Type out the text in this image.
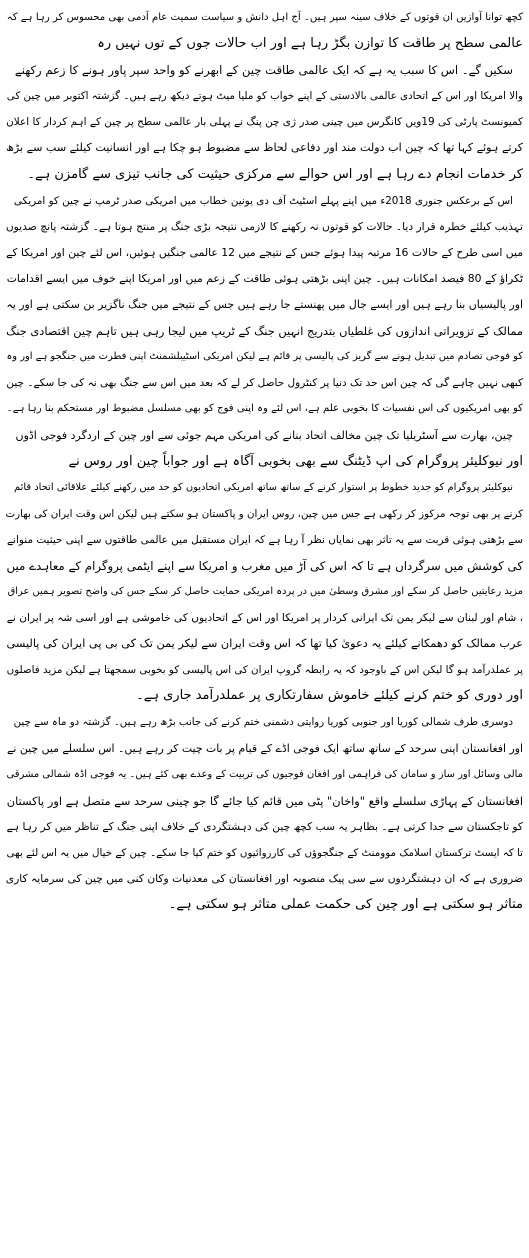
کچھ توانا آوازیں ان قوتوں کے خلاف سینہ سپر ہیں۔ آج اہل دانش و سیاست سمیت عام آدمی بھی محسوس کر رہا ہے کہ
عالمی سطح پر طاقت کا توازن بگڑ رہا ہے اور اب حالات جوں کے توں نہیں رہ
سکیں گے۔ اس کا سبب یہ ہے کہ ایک عالمی طاقت چین کے ابھرنے کو واحد سپر پاور ہونے کا زعم رکھنے
والا امریکا اور اس کے اتحادی عالمی بالادستی کے اپنے خواب کو ملیا میٹ ہوتے دیکھ رہے ہیں۔ گزشتہ اکتوبر میں چین کی
کمیونسٹ پارٹی کی 19ویں کانگرس میں چینی صدر ژی چن پنگ نے پہلی بار عالمی سطح پر چین کے اہم کردار کا اعلان
کرتے ہوئے کہا تھا کہ چین اب دولت مند اور دفاعی لحاظ سے مضبوط ہو چکا ہے اور انسانیت کیلئے سب سے بڑھ
کر خدمات انجام دے رہا ہے اور اس حوالے سے مرکزی حیثیت کی جانب تیزی سے گامزن ہے۔
اس کے برعکس جنوری 2018ء میں اپنے پہلے اسٹیٹ آف دی یونین خطاب میں امریکی صدر ٹرمپ نے چین کو امریکی
تہذیب کیلئے خطرہ قرار دیا۔ حالات کو قوتوں نہ رکھنے کا لازمی نتیجہ بڑی جنگ پر منتج ہوتا ہے۔ گزشتہ پانچ صدیوں
میں اسی طرح کے حالات 16 مرتبہ پیدا ہوئے جس کے نتیجے میں 12 عالمی جنگیں ہوئیں، اس لئے چین اور امریکا کے
ٹکراؤ کے 80 فیصد امکانات ہیں۔ چین اپنی بڑھتی ہوئی طاقت کے زعم میں اور امریکا اپنے خوف میں ایسے اقدامات
اور پالیسیاں بنا رہے ہیں اور ایسے جال میں پھنستے جا رہے ہیں جس کے نتیجے میں جنگ ناگزیر بن سکتی ہے اور یہ
ممالک کے تزویراتی اندازوں کی غلطیاں بتدریج انہیں جنگ کے ٹریپ میں لیجا رہی ہیں تاہم چین اقتصادی جنگ
کو فوجی تصادم میں تبدیل ہونے سے گریز کی پالیسی پر قائم ہے لیکن امریکی اسٹیبلشمنٹ اپنی فطرت میں جنگجو ہے اور وہ
کبھی نہیں چاہے گی کہ چین اس حد تک دنیا پر کنٹرول حاصل کر لے کہ بعد میں اس سے جنگ بھی نہ کی جا سکے۔ چین
کو بھی امریکیوں کی اس نفسیات کا بخوبی علم ہے، اس لئے وہ اپنی فوج کو بھی مسلسل مضبوط اور مستحکم بنا رہا ہے۔
چین، بھارت سے آسٹریلیا تک چین مخالف اتحاد بنانے کی امریکی مہم جوئی سے اور چین کے اردگرد فوجی اڈوں
اور نیوکلیئر پروگرام کی اپ ڈیٹنگ سے بھی بخوبی آگاہ ہے اور جواباً چین اور روس نے
نیوکلیئر پروگرام کو جدید خطوط پر استوار کرنے کے ساتھ ساتھ امریکی اتحادیوں کو حد میں رکھنے کیلئے علاقائی اتحاد قائم
کرنے پر بھی توجہ مرکوز کر رکھی ہے جس میں چین، روس ایران و پاکستان ہو سکتے ہیں لیکن اس وقت ایران کی بھارت
سے بڑھتی ہوئی قربت سے یہ تاثر بھی نمایاں نظر آ رہا ہے کہ ایران مستقبل میں عالمی طاقتوں سے اپنی حیثیت منوانے
کی کوشش میں سرگرداں ہے تا کہ اس کی آڑ میں مغرب و امریکا سے اپنے ایٹمی پروگرام کے معاہدے میں
مزید رعایتیں حاصل کر سکے اور مشرق وسطیٰ میں در پردہ امریکی حمایت حاصل کر سکے جس کی واضح تصویر ہمیں عراق
، شام اور لبنان سے لیکر یمن تک ایرانی کردار پر امریکا اور اس کے اتحادیوں کی خاموشی ہے اور اسی شہ پر ایران نے
عرب ممالک کو دھمکانے کیلئے یہ دعویٰ کیا تھا کہ اس وقت ایران سے لیکر یمن تک کی بی پی ایران کی پالیسی
پر عملدرآمد ہو گا لیکن اس کے باوجود کہ یہ رابطہ گروپ ایران کی اس پالیسی کو بخوبی سمجھتا ہے لیکن مزید فاصلوں
اور دوری کو ختم کرنے کیلئے خاموش سفارتکاری پر عملدرآمد جاری ہے۔
دوسری طرف شمالی کوریا اور جنوبی کوریا روایتی دشمنی ختم کرنے کی جانب بڑھ رہے ہیں۔ گزشتہ دو ماہ سے چین
اور افغانستان اپنی سرحد کے ساتھ ساتھ ایک فوجی اڈے کے قیام پر بات چیت کر رہے ہیں۔ اس سلسلے میں چین نے
مالی وسائل اور ساز و سامان کی فراہمی اور افغان فوجیوں کی تربیت کے وعدے بھی کئے ہیں۔ یہ فوجی اڈہ شمالی مشرقی
افغانستان کے پہاڑی سلسلے واقع "واخان" پٹی میں قائم کیا جائے گا جو چینی سرحد سے متصل ہے اور پاکستان
کو تاجکستان سے جدا کرتی ہے۔ بظاہر یہ سب کچھ چین کی دہشتگردی کے خلاف اپنی جنگ کے تناظر میں کر رہا ہے
تا کہ ایسٹ ترکستان اسلامک موومنٹ کے جنگجوؤں کی کارروائیوں کو ختم کیا جا سکے۔ چین کے خیال میں یہ اس لئے بھی
ضروری ہے کہ ان دہشتگردوں سے سی پیک منصوبہ اور افغانستان کی معدنیات وکان کنی میں چین کی سرمایہ کاری
متاثر ہو سکتی ہے اور چین کی حکمت عملی متاثر ہو سکتی ہے۔
